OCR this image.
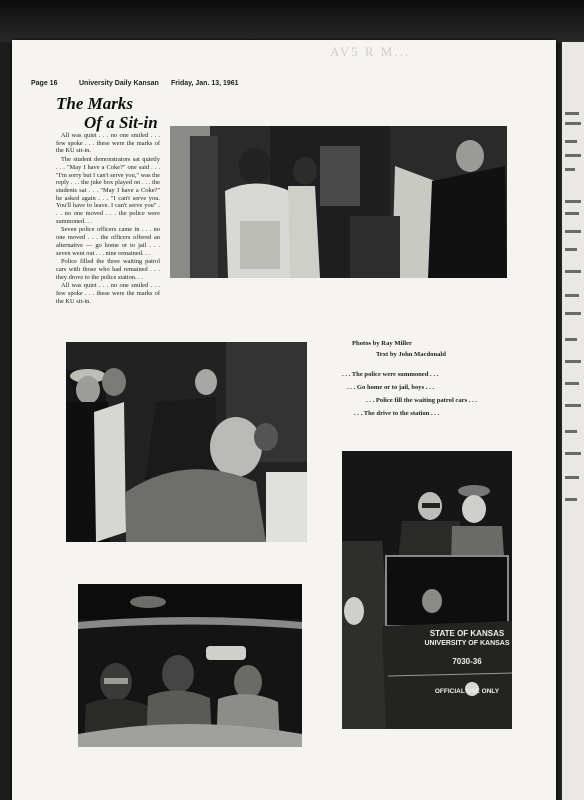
AV5 R M...
Page 16	University Daily Kansan Friday, Jan. 13, 1961
The Marks
Of a Sit-in

All was quiet . . . no one smiled . . . few spoke . . . these were the marks of the KU sit-in.

The student demonstrators sat quietly . . . "May I have a Coke?" one said . . . "I'm sorry but I can't serve you," was the reply . . . the juke box played on . . . the students sat . . . "May I have a Coke?" he asked again . . . "I can't serve you. You'll have to leave. I can't serve you" . . . no one moved . . . the police were summoned. . .

Seven police officers came in . . . no one moved . . . the officers offered an alternative — go home or to jail . . . seven went out . . . nine remained. . .

Police filled the three waiting patrol cars with those who had remained . . . they drove to the police station. . .

All was quiet . . . no one smiled . . . few spoke . . . these were the marks of the KU sit-in.

Photos by Ray Miller
Text by John Macdonald
. . . The police were summoned . . .
. . . Go home or to jail, boys . . .
. . . Police fill the waiting patrol cars . . .
. . . The drive to the station . . .
STATE OF KANSAS
UNIVERSITY OF KANSAS
7030-36
OFFICIAL USE ONLY
